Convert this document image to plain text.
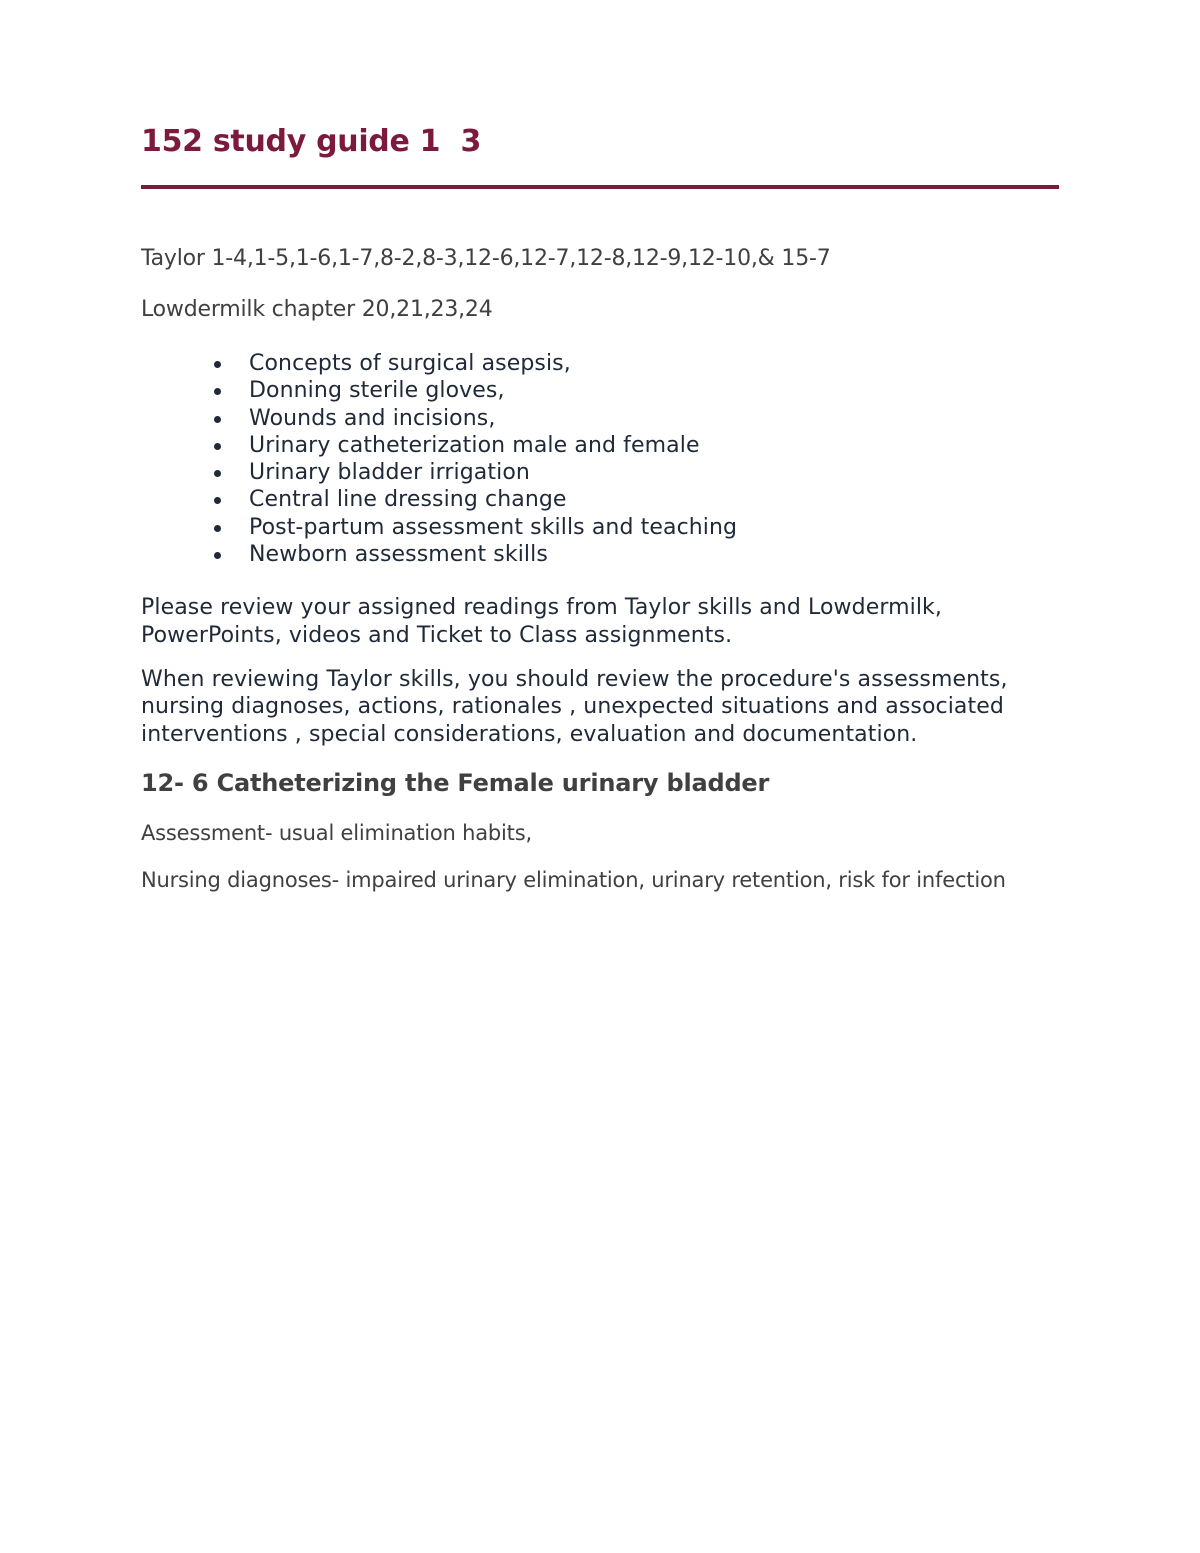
152 study guide 1  3

Taylor 1-4,1-5,1-6,1-7,8-2,8-3,12-6,12-7,12-8,12-9,12-10,& 15-7

Lowdermilk chapter 20,21,23,24

Concepts of surgical asepsis,
Donning sterile gloves,
Wounds and incisions,
Urinary catheterization male and female
Urinary bladder irrigation
Central line dressing change
Post-partum assessment skills and teaching
Newborn assessment skills

Please review your assigned readings from Taylor skills and Lowdermilk, PowerPoints, videos and Ticket to Class assignments.

When reviewing Taylor skills, you should review the procedure's assessments, nursing diagnoses, actions, rationales , unexpected situations and associated interventions , special considerations, evaluation and documentation.

12- 6 Catheterizing the Female urinary bladder

Assessment- usual elimination habits,

Nursing diagnoses- impaired urinary elimination, urinary retention, risk for infection
